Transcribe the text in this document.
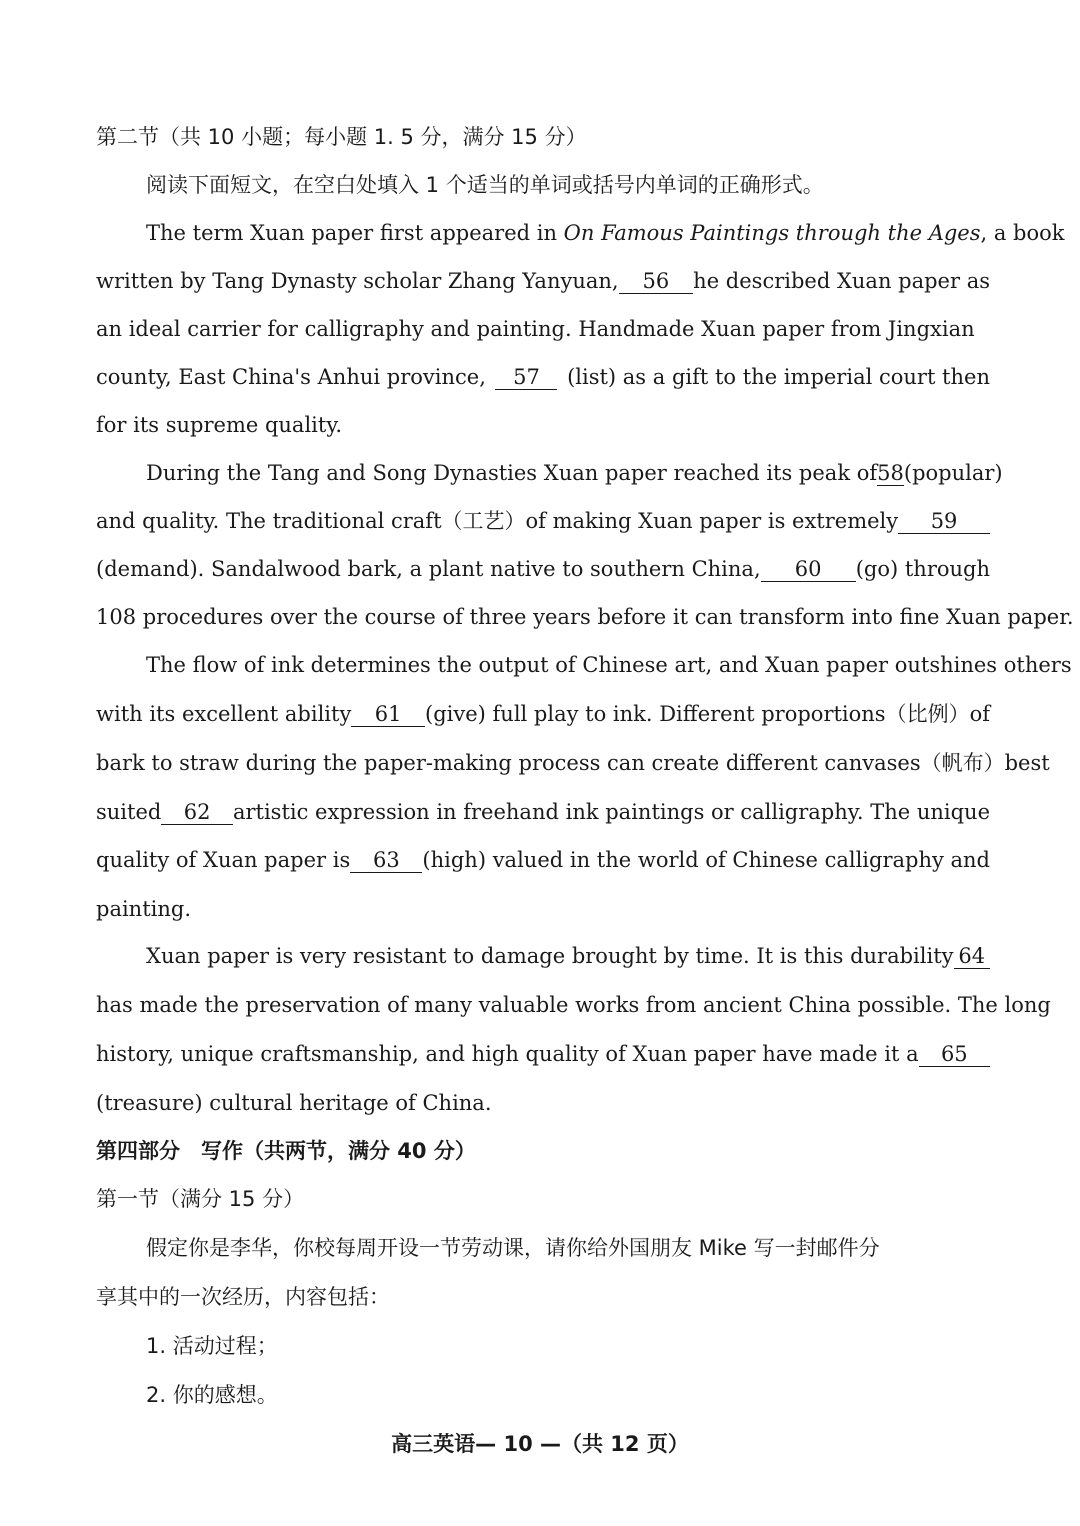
第二节（共 10 小题；每小题 1. 5 分，满分 15 分）
阅读下面短文，在空白处填入 1 个适当的单词或括号内单词的正确形式。
The term Xuan paper first appeared in On Famous Paintings through the Ages, a book
written by Tang Dynasty scholar Zhang Yanyuan,	56	he described Xuan paper as
an ideal carrier for calligraphy and painting. Handmade Xuan paper from Jingxian
county, East China's Anhui province,	57	(list) as a gift to the imperial court then
for its supreme quality.
During the Tang and Song Dynasties Xuan paper reached its peak of 58 (popular)
and quality. The traditional craft（工艺）of making Xuan paper is extremely	59
(demand). Sandalwood bark, a plant native to southern China,	60	(go) through
108 procedures over the course of three years before it can transform into fine Xuan paper.
The flow of ink determines the output of Chinese art, and Xuan paper outshines others
with its excellent ability	61	(give) full play to ink. Different proportions（比例）of
bark to straw during the paper-making process can create different canvases（帆布）best
suited	62	artistic expression in freehand ink paintings or calligraphy. The unique
quality of Xuan paper is	63	(high) valued in the world of Chinese calligraphy and
painting.
Xuan paper is very resistant to damage brought by time. It is this durability 64
has made the preservation of many valuable works from ancient China possible. The long
history, unique craftsmanship, and high quality of Xuan paper have made it a	65
(treasure) cultural heritage of China.
第四部分　写作（共两节，满分 40 分）
第一节（满分 15 分）
假定你是李华，你校每周开设一节劳动课，请你给外国朋友 Mike 写一封邮件分
享其中的一次经历，内容包括：
1. 活动过程；
2. 你的感想。
高三英语— 10 —（共 12 页）
